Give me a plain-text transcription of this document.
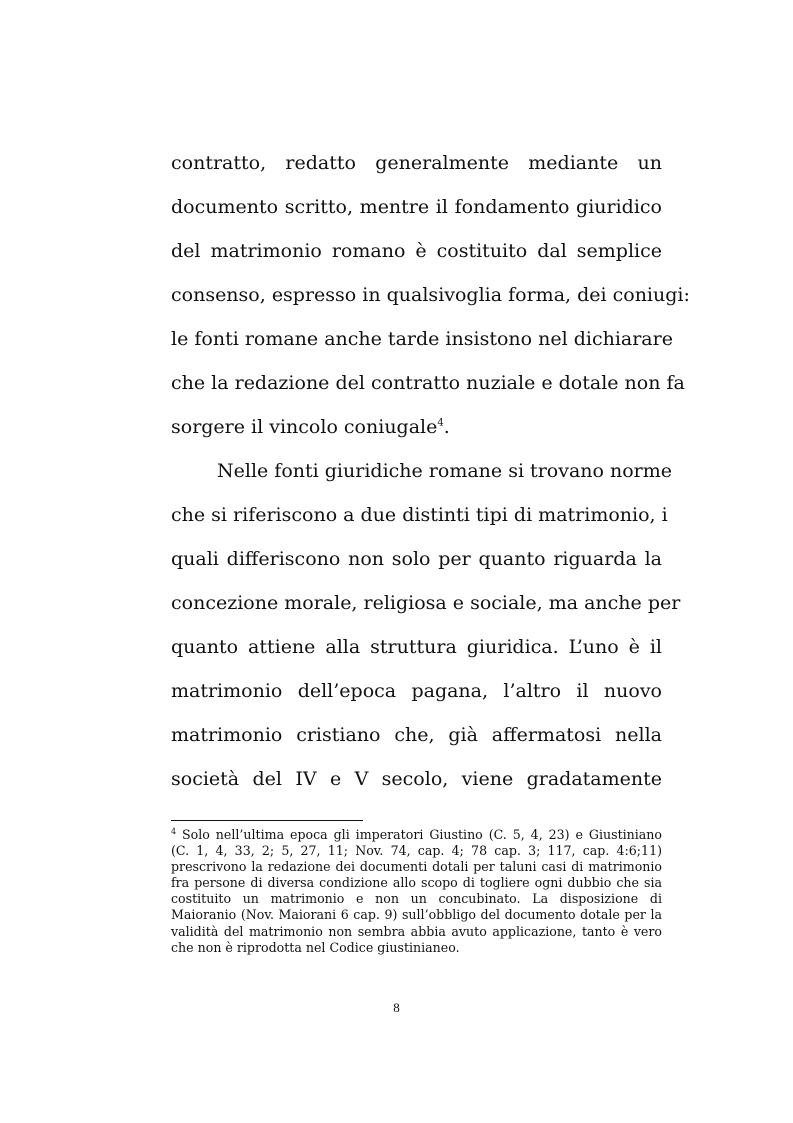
contratto, redatto generalmente mediante un
documento scritto, mentre il fondamento giuridico
del matrimonio romano è costituito dal semplice
consenso, espresso in qualsivoglia forma, dei coniugi:
le fonti romane anche tarde insistono nel dichiarare
che la redazione del contratto nuziale e dotale non fa
sorgere il vincolo coniugale$^4$.
Nelle fonti giuridiche romane si trovano norme
che si riferiscono a due distinti tipi di matrimonio, i
quali differiscono non solo per quanto riguarda la
concezione morale, religiosa e sociale, ma anche per
quanto attiene alla struttura giuridica. L’uno è il
matrimonio dell’epoca pagana, l’altro il nuovo
matrimonio cristiano che, già affermatosi nella
società del IV e V secolo, viene gradatamente
$^4$ Solo nell’ultima epoca gli imperatori Giustino (C. 5, 4, 23) e Giustiniano
(C. 1, 4, 33, 2; 5, 27, 11; Nov. 74, cap. 4; 78 cap. 3; 117, cap. 4:6;11)
prescrivono la redazione dei documenti dotali per taluni casi di matrimonio
fra persone di diversa condizione allo scopo di togliere ogni dubbio che sia
costituito un matrimonio e non un concubinato. La disposizione di
Maioranio (Nov. Maiorani 6 cap. 9) sull’obbligo del documento dotale per la
validità del matrimonio non sembra abbia avuto applicazione, tanto è vero
che non è riprodotta nel Codice giustinianeo.
8
